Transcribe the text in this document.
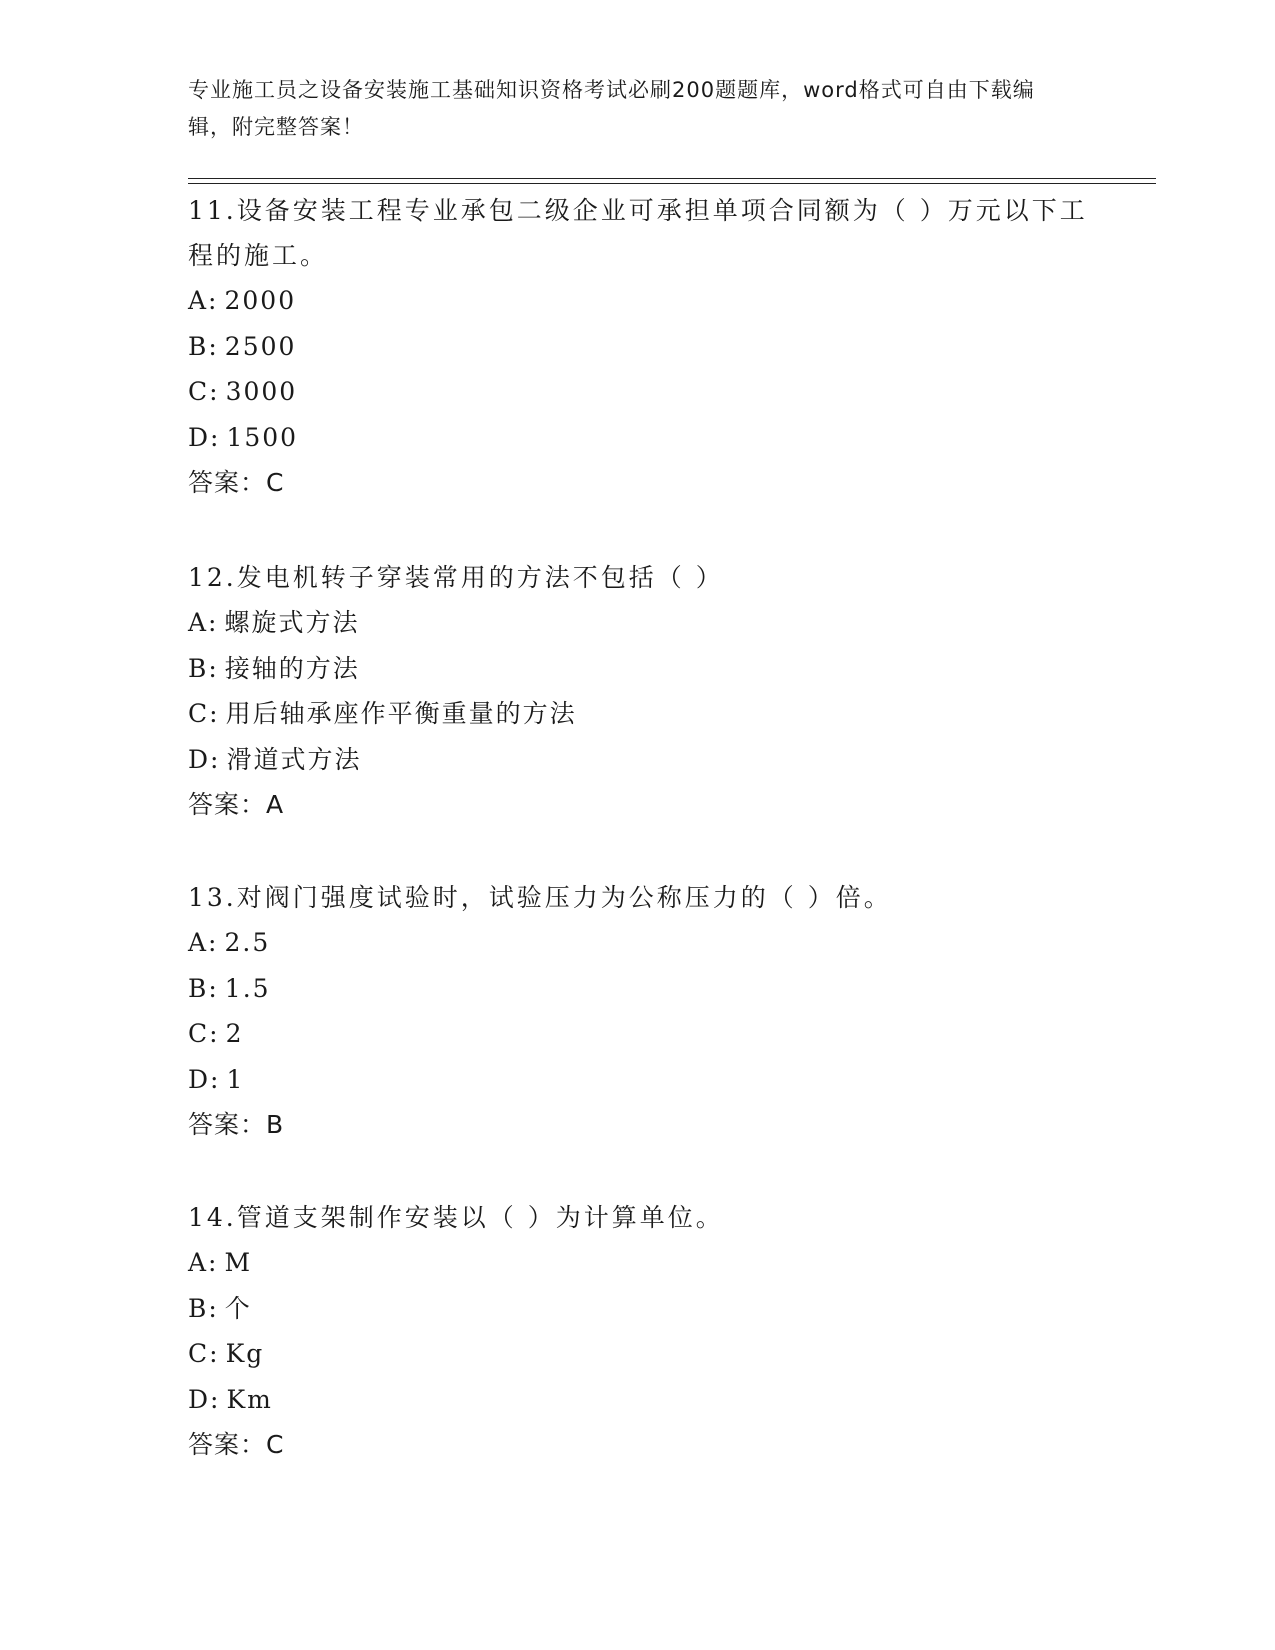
专业施工员之设备安装施工基础知识资格考试必刷200题题库，word格式可自由下载编辑，附完整答案！

11.设备安装工程专业承包二级企业可承担单项合同额为（ ）万元以下工程的施工。

A: 2000
B: 2500
C: 3000
D: 1500
答案：C

12.发电机转子穿装常用的方法不包括（ ）

A: 螺旋式方法
B: 接轴的方法
C: 用后轴承座作平衡重量的方法
D: 滑道式方法
答案：A

13.对阀门强度试验时，试验压力为公称压力的（ ）倍。

A: 2.5
B: 1.5
C: 2
D: 1
答案：B

14.管道支架制作安装以（ ）为计算单位。

A: M
B: 个
C: Kg
D: Km
答案：C
